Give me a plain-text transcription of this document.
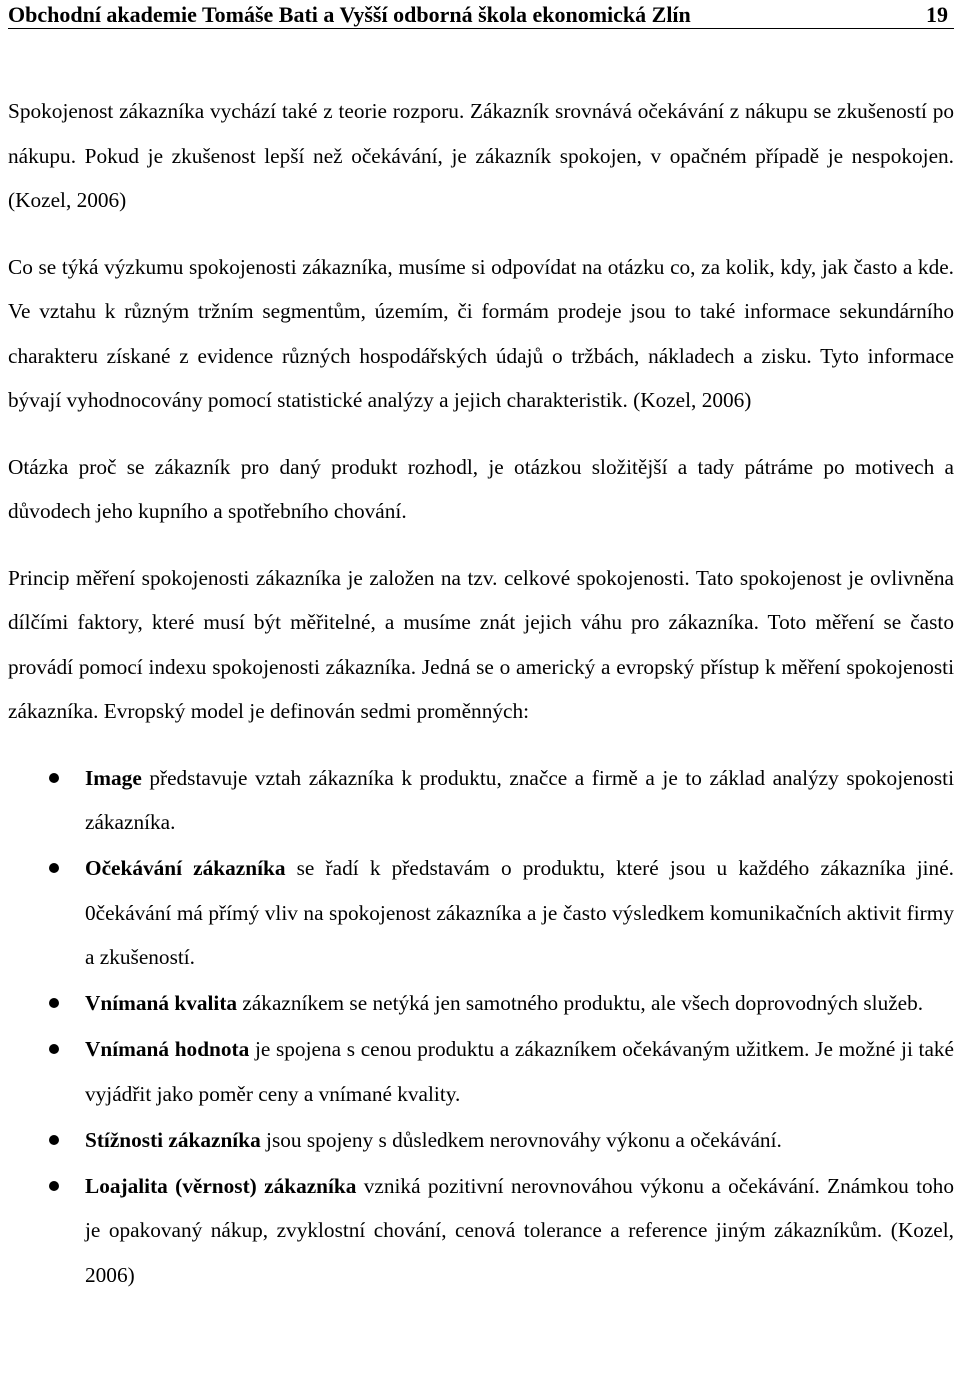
Obchodní akademie Tomáše Bati a Vyšší odborná škola ekonomická Zlín	19

Spokojenost zákazníka vychází také z teorie rozporu. Zákazník srovnává očekávání z nákupu se zkušeností po nákupu. Pokud je zkušenost lepší než očekávání, je zákazník spokojen, v opačném případě je nespokojen. (Kozel, 2006)

Co se týká výzkumu spokojenosti zákazníka, musíme si odpovídat na otázku co, za kolik, kdy, jak často a kde. Ve vztahu k různým tržním segmentům, územím, či formám prodeje jsou to také informace sekundárního charakteru získané z evidence různých hospodářských údajů o tržbách, nákladech a zisku. Tyto informace bývají vyhodnocovány pomocí statistické analýzy a jejich charakteristik. (Kozel, 2006)

Otázka proč se zákazník pro daný produkt rozhodl, je otázkou složitější a tady pátráme po motivech a důvodech jeho kupního a spotřebního chování.

Princip měření spokojenosti zákazníka je založen na tzv. celkové spokojenosti. Tato spokojenost je ovlivněna dílčími faktory, které musí být měřitelné, a musíme znát jejich váhu pro zákazníka. Toto měření se často provádí pomocí indexu spokojenosti zákazníka. Jedná se o americký a evropský přístup k měření spokojenosti zákazníka. Evropský model je definován sedmi proměnných:

Image představuje vztah zákazníka k produktu, značce a firmě a je to základ analýzy spokojenosti zákazníka.
Očekávání zákazníka se řadí k představám o produktu, které jsou u každého zákazníka jiné. 0čekávání má přímý vliv na spokojenost zákazníka a je často výsledkem komunikačních aktivit firmy a zkušeností.
Vnímaná kvalita zákazníkem se netýká jen samotného produktu, ale všech doprovodných služeb.
Vnímaná hodnota je spojena s cenou produktu a zákazníkem očekávaným užitkem. Je možné ji také vyjádřit jako poměr ceny a vnímané kvality.
Stížnosti zákazníka jsou spojeny s důsledkem nerovnováhy výkonu a očekávání.
Loajalita (věrnost) zákazníka vzniká pozitivní nerovnováhou výkonu a očekávání. Známkou toho je opakovaný nákup, zvyklostní chování, cenová tolerance a reference jiným zákazníkům. (Kozel, 2006)
